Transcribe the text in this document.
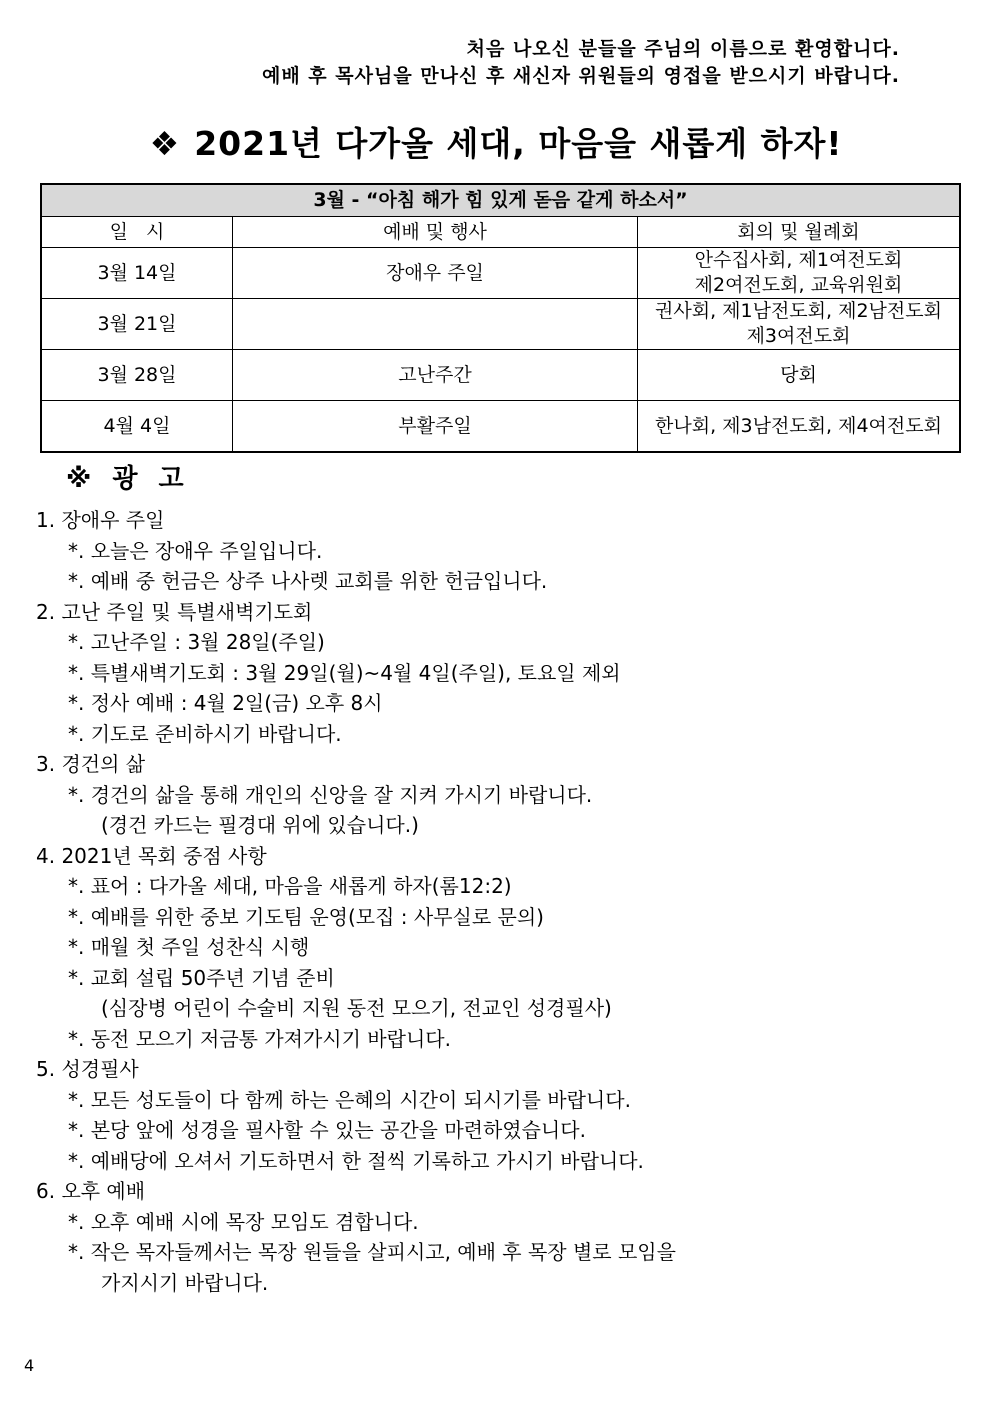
처음 나오신 분들을 주님의 이름으로 환영합니다.
예배 후 목사님을 만나신 후 새신자 위원들의 영접을 받으시기 바랍니다.
❖ 2021년 다가올 세대, 마음을 새롭게 하자!
3월 - “아침 해가 힘 있게 돋음 같게 하소서”		
일   시	예배 및 행사	회의 및 월례회
3월 14일	장애우 주일	안수집사회, 제1여전도회
제2여전도회, 교육위원회

3월 21일		권사회, 제1남전도회, 제2남전도회
제3여전도회

3월 28일	고난주간	당회

4월 4일	부활주일	한나회, 제3남전도회, 제4여전도회
※ 광 고
1. 장애우 주일
*. 오늘은 장애우 주일입니다.
*. 예배 중 헌금은 상주 나사렛 교회를 위한 헌금입니다.
2. 고난 주일 및 특별새벽기도회
*. 고난주일 : 3월 28일(주일)
*. 특별새벽기도회 : 3월 29일(월)~4월 4일(주일), 토요일 제외
*. 정사 예배 : 4월 2일(금) 오후 8시
*. 기도로 준비하시기 바랍니다.
3. 경건의 삶
*. 경건의 삶을 통해 개인의 신앙을 잘 지켜 가시기 바랍니다.
(경건 카드는 필경대 위에 있습니다.)
4. 2021년 목회 중점 사항
*. 표어 : 다가올 세대, 마음을 새롭게 하자(롬12:2)
*. 예배를 위한 중보 기도팀 운영(모집 : 사무실로 문의)
*. 매월 첫 주일 성찬식 시행
*. 교회 설립 50주년 기념 준비
(심장병 어린이 수술비 지원 동전 모으기, 전교인 성경필사)
*. 동전 모으기 저금통 가져가시기 바랍니다.
5. 성경필사
*. 모든 성도들이 다 함께 하는 은혜의 시간이 되시기를 바랍니다.
*. 본당 앞에 성경을 필사할 수 있는 공간을 마련하였습니다.
*. 예배당에 오셔서 기도하면서 한 절씩 기록하고 가시기 바랍니다.
6. 오후 예배
*. 오후 예배 시에 목장 모임도 겸합니다.
*. 작은 목자들께서는 목장 원들을 살피시고, 예배 후 목장 별로 모임을
가지시기 바랍니다.
4
